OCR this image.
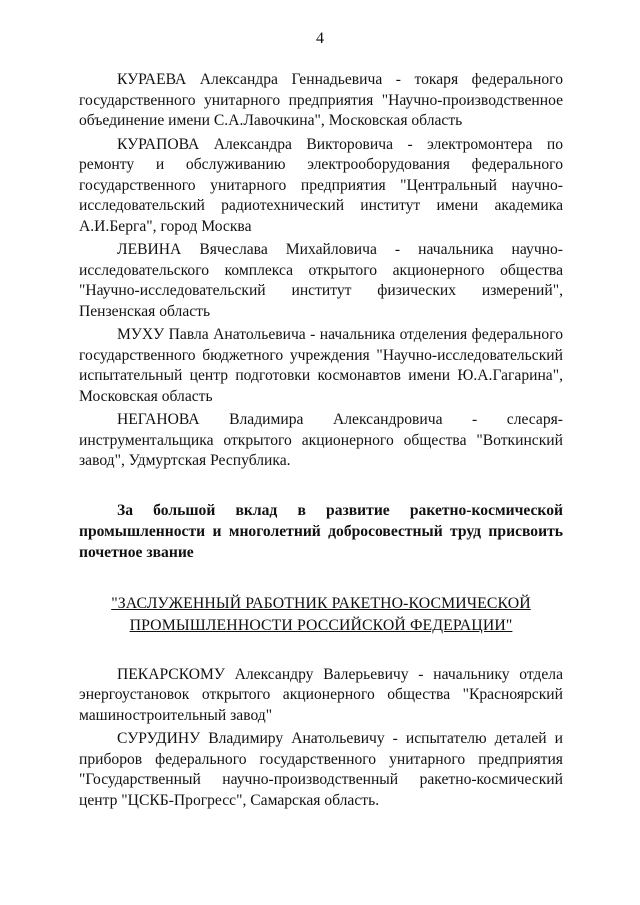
4

КУРАЕВА Александра Геннадьевича - токаря федерального государственного унитарного предприятия "Научно-производственное объединение имени С.А.Лавочкина", Московская область

КУРАПОВА Александра Викторовича - электромонтера по ремонту и обслуживанию электрооборудования федерального государственного унитарного предприятия "Центральный научно-исследовательский радиотехнический институт имени академика А.И.Берга", город Москва

ЛЕВИНА Вячеслава Михайловича - начальника научно-исследовательского комплекса открытого акционерного общества "Научно-исследовательский институт физических измерений", Пензенская область

МУХУ Павла Анатольевича - начальника отделения федерального государственного бюджетного учреждения "Научно-исследовательский испытательный центр подготовки космонавтов имени Ю.А.Гагарина", Московская область

НЕГАНОВА Владимира Александровича - слесаря-инструментальщика открытого акционерного общества "Воткинский завод", Удмуртская Республика.

За большой вклад в развитие ракетно-космической промышленности и многолетний добросовестный труд присвоить почетное звание

"ЗАСЛУЖЕННЫЙ РАБОТНИК РАКЕТНО-КОСМИЧЕСКОЙ
ПРОМЫШЛЕННОСТИ РОССИЙСКОЙ ФЕДЕРАЦИИ"

ПЕКАРСКОМУ Александру Валерьевичу - начальнику отдела энергоустановок открытого акционерного общества "Красноярский машиностроительный завод"

СУРУДИНУ Владимиру Анатольевичу - испытателю деталей и приборов федерального государственного унитарного предприятия "Государственный научно-производственный ракетно-космический центр "ЦСКБ-Прогресс", Самарская область.
